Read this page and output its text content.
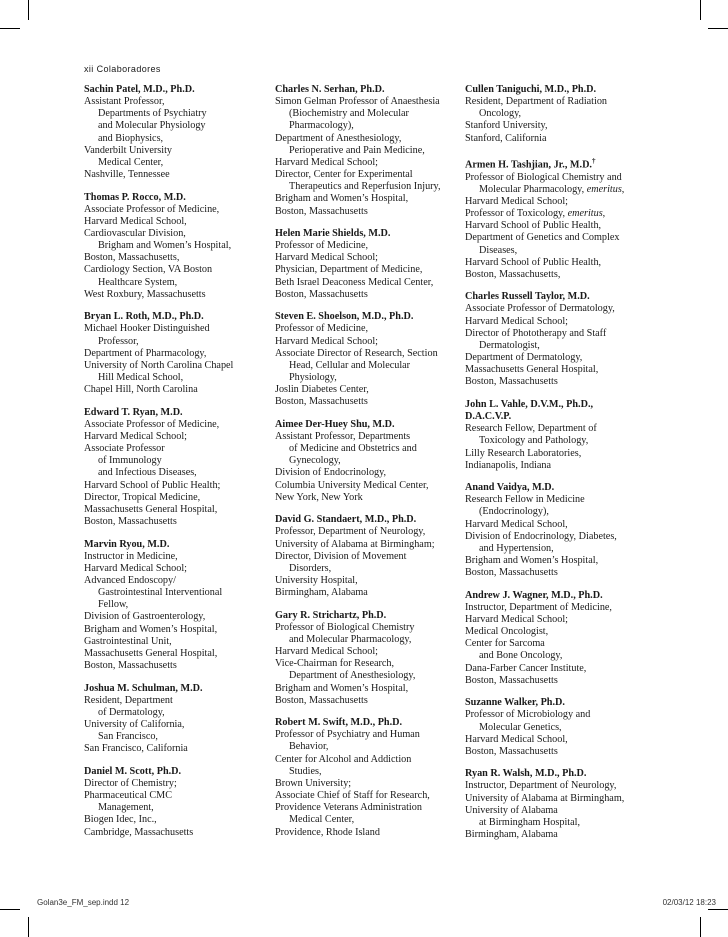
xii Colaboradores
Sachin Patel, M.D., Ph.D.
Assistant Professor,
Departments of Psychiatry
and Molecular Physiology
and Biophysics,
Vanderbilt University
Medical Center,
Nashville, Tennessee
Thomas P. Rocco, M.D.
Associate Professor of Medicine,
Harvard Medical School,
Cardiovascular Division,
Brigham and Women’s Hospital,
Boston, Massachusetts,
Cardiology Section, VA Boston
Healthcare System,
West Roxbury, Massachusetts
Bryan L. Roth, M.D., Ph.D.
Michael Hooker Distinguished
Professor,
Department of Pharmacology,
University of North Carolina Chapel
Hill Medical School,
Chapel Hill, North Carolina
Edward T. Ryan, M.D.
Associate Professor of Medicine,
Harvard Medical School;
Associate Professor
of Immunology
and Infectious Diseases,
Harvard School of Public Health;
Director, Tropical Medicine,
Massachusetts General Hospital,
Boston, Massachusetts
Marvin Ryou, M.D.
Instructor in Medicine,
Harvard Medical School;
Advanced Endoscopy/
Gastrointestinal Interventional
Fellow,
Division of Gastroenterology,
Brigham and Women’s Hospital,
Gastrointestinal Unit,
Massachusetts General Hospital,
Boston, Massachusetts
Joshua M. Schulman, M.D.
Resident, Department
of Dermatology,
University of California,
San Francisco,
San Francisco, California
Daniel M. Scott, Ph.D.
Director of Chemistry;
Pharmaceutical CMC
Management,
Biogen Idec, Inc.,
Cambridge, Massachusetts
Charles N. Serhan, Ph.D.
Simon Gelman Professor of Anaesthesia
(Biochemistry and Molecular
Pharmacology),
Department of Anesthesiology,
Perioperative and Pain Medicine,
Harvard Medical School;
Director, Center for Experimental
Therapeutics and Reperfusion Injury,
Brigham and Women’s Hospital,
Boston, Massachusetts
Helen Marie Shields, M.D.
Professor of Medicine,
Harvard Medical School;
Physician, Department of Medicine,
Beth Israel Deaconess Medical Center,
Boston, Massachusetts
Steven E. Shoelson, M.D., Ph.D.
Professor of Medicine,
Harvard Medical School;
Associate Director of Research, Section
Head, Cellular and Molecular
Physiology,
Joslin Diabetes Center,
Boston, Massachusetts
Aimee Der-Huey Shu, M.D.
Assistant Professor, Departments
of Medicine and Obstetrics and
Gynecology,
Division of Endocrinology,
Columbia University Medical Center,
New York, New York
David G. Standaert, M.D., Ph.D.
Professor, Department of Neurology,
University of Alabama at Birmingham;
Director, Division of Movement
Disorders,
University Hospital,
Birmingham, Alabama
Gary R. Strichartz, Ph.D.
Professor of Biological Chemistry
and Molecular Pharmacology,
Harvard Medical School;
Vice-Chairman for Research,
Department of Anesthesiology,
Brigham and Women’s Hospital,
Boston, Massachusetts
Robert M. Swift, M.D., Ph.D.
Professor of Psychiatry and Human
Behavior,
Center for Alcohol and Addiction
Studies,
Brown University;
Associate Chief of Staff for Research,
Providence Veterans Administration
Medical Center,
Providence, Rhode Island
Cullen Taniguchi, M.D., Ph.D.
Resident, Department of Radiation
Oncology,
Stanford University,
Stanford, California
Armen H. Tashjian, Jr., M.D.†
Professor of Biological Chemistry and
Molecular Pharmacology, emeritus,
Harvard Medical School;
Professor of Toxicology, emeritus,
Harvard School of Public Health,
Department of Genetics and Complex
Diseases,
Harvard School of Public Health,
Boston, Massachusetts,
Charles Russell Taylor, M.D.
Associate Professor of Dermatology,
Harvard Medical School;
Director of Phototherapy and Staff
Dermatologist,
Department of Dermatology,
Massachusetts General Hospital,
Boston, Massachusetts
John L. Vahle, D.V.M., Ph.D.,
D.A.C.V.P.
Research Fellow, Department of
Toxicology and Pathology,
Lilly Research Laboratories,
Indianapolis, Indiana
Anand Vaidya, M.D.
Research Fellow in Medicine
(Endocrinology),
Harvard Medical School,
Division of Endocrinology, Diabetes,
and Hypertension,
Brigham and Women’s Hospital,
Boston, Massachusetts
Andrew J. Wagner, M.D., Ph.D.
Instructor, Department of Medicine,
Harvard Medical School;
Medical Oncologist,
Center for Sarcoma
and Bone Oncology,
Dana-Farber Cancer Institute,
Boston, Massachusetts
Suzanne Walker, Ph.D.
Professor of Microbiology and
Molecular Genetics,
Harvard Medical School,
Boston, Massachusetts
Ryan R. Walsh, M.D., Ph.D.
Instructor, Department of Neurology,
University of Alabama at Birmingham,
University of Alabama
at Birmingham Hospital,
Birmingham, Alabama
Golan3e_FM_sep.indd 12	02/03/12 18:23
